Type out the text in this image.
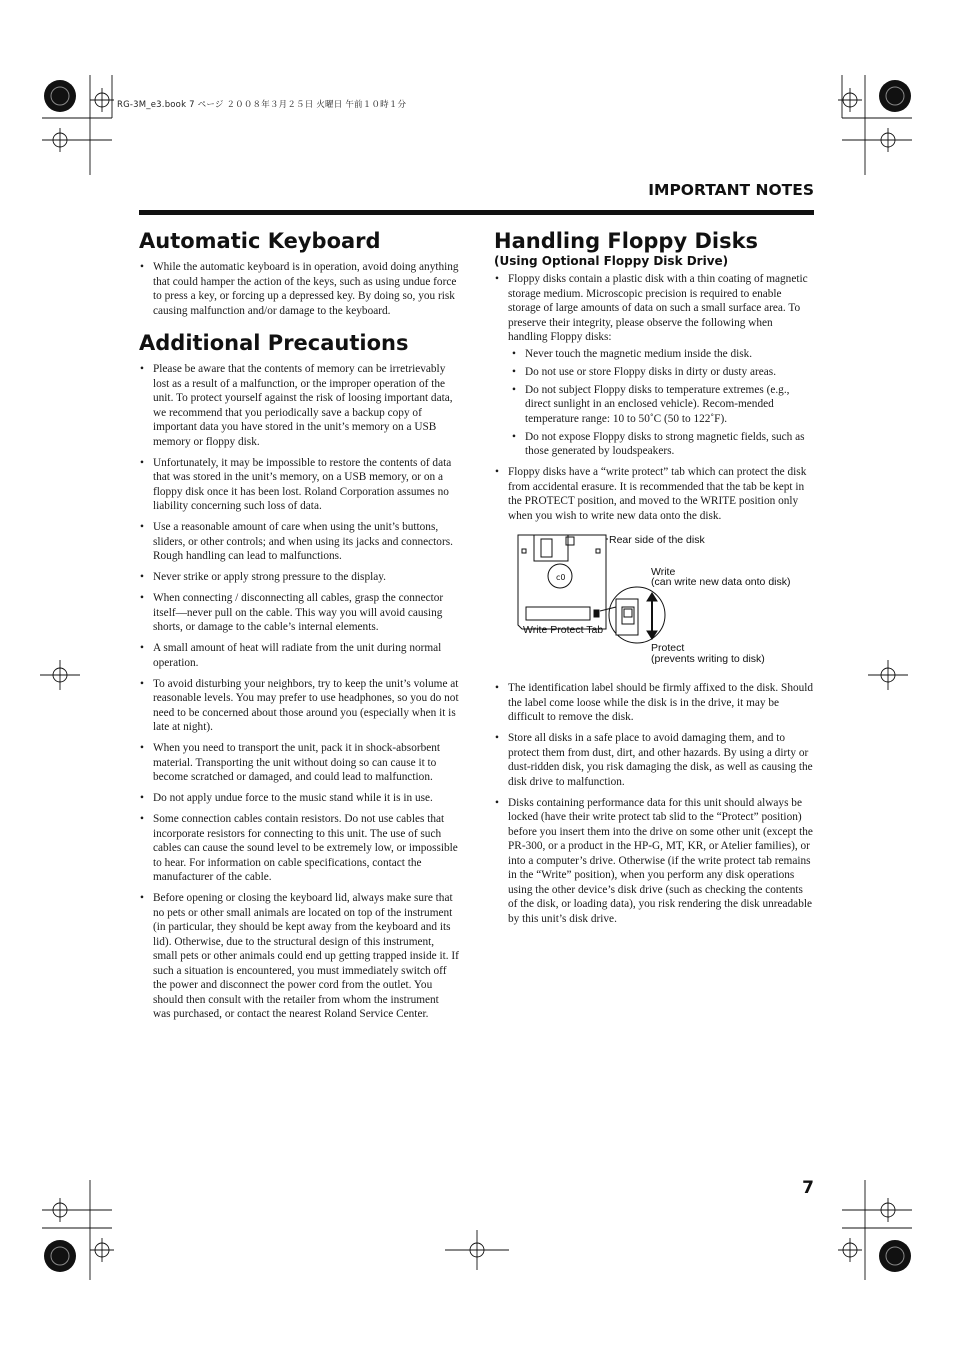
RG-3M_e3.book 7 ページ ２００８年３月２５日 火曜日 午前１０時１分
IMPORTANT NOTES
Automatic Keyboard
• While the automatic keyboard is in operation, avoid doing anything that could hamper the action of the keys, such as using undue force to press a key, or forcing up a depressed key. By doing so, you risk causing malfunction and/or damage to the keyboard.
Additional Precautions
• Please be aware that the contents of memory can be irretrievably lost as a result of a malfunction, or the improper operation of the unit. To protect yourself against the risk of loosing important data, we recommend that you periodically save a backup copy of important data you have stored in the unit’s memory on a USB memory or floppy disk.
• Unfortunately, it may be impossible to restore the contents of data that was stored in the unit’s memory, on a USB memory, or on a floppy disk once it has been lost. Roland Corporation assumes no liability concerning such loss of data.
• Use a reasonable amount of care when using the unit’s buttons, sliders, or other controls; and when using its jacks and connectors. Rough handling can lead to malfunctions.
• Never strike or apply strong pressure to the display.
• When connecting / disconnecting all cables, grasp the connector itself—never pull on the cable. This way you will avoid causing shorts, or damage to the cable’s internal elements.
• A small amount of heat will radiate from the unit during normal operation.
• To avoid disturbing your neighbors, try to keep the unit’s volume at reasonable levels. You may prefer to use headphones, so you do not need to be concerned about those around you (especially when it is late at night).
• When you need to transport the unit, pack it in shock-absorbent material. Transporting the unit without doing so can cause it to become scratched or damaged, and could lead to malfunction.
• Do not apply undue force to the music stand while it is in use.
• Some connection cables contain resistors. Do not use cables that incorporate resistors for connecting to this unit. The use of such cables can cause the sound level to be extremely low, or impossible to hear. For information on cable specifications, contact the manufacturer of the cable.
• Before opening or closing the keyboard lid, always make sure that no pets or other small animals are located on top of the instrument (in particular, they should be kept away from the keyboard and its lid). Otherwise, due to the structural design of this instrument, small pets or other animals could end up getting trapped inside it. If such a situation is encountered, you must immediately switch off the power and disconnect the power cord from the outlet. You should then consult with the retailer from whom the instrument was purchased, or contact the nearest Roland Service Center.
Handling Floppy Disks
(Using Optional Floppy Disk Drive)
• Floppy disks contain a plastic disk with a thin coating of magnetic storage medium. Microscopic precision is required to enable storage of large amounts of data on such a small surface area. To preserve their integrity, please observe the following when handling Floppy disks:
• Never touch the magnetic medium inside the disk.
• Do not use or store Floppy disks in dirty or dusty areas.
• Do not subject Floppy disks to temperature extremes (e.g., direct sunlight in an enclosed vehicle). Recom-mended temperature range: 10 to 50˚C (50 to 122˚F).
• Do not expose Floppy disks to strong magnetic fields, such as those generated by loudspeakers.
• Floppy disks have a “write protect” tab which can protect the disk from accidental erasure. It is recommended that the tab be kept in the PROTECT position, and moved to the WRITE position only when you wish to write new data onto the disk.
c0
Rear side of the disk
Write
(can write new data onto disk)
Write Protect Tab
Protect
(prevents writing to disk)
• The identification label should be firmly affixed to the disk. Should the label come loose while the disk is in the drive, it may be difficult to remove the disk.
• Store all disks in a safe place to avoid damaging them, and to protect them from dust, dirt, and other hazards. By using a dirty or dust-ridden disk, you risk damaging the disk, as well as causing the disk drive to malfunction.
• Disks containing performance data for this unit should always be locked (have their write protect tab slid to the “Protect” position) before you insert them into the drive on some other unit (except the PR-300, or a product in the HP-G, MT, KR, or Atelier families), or into a computer’s drive. Otherwise (if the write protect tab remains in the “Write” position), when you perform any disk operations using the other device’s disk drive (such as checking the contents of the disk, or loading data), you risk rendering the disk unreadable by this unit’s disk drive.
7
